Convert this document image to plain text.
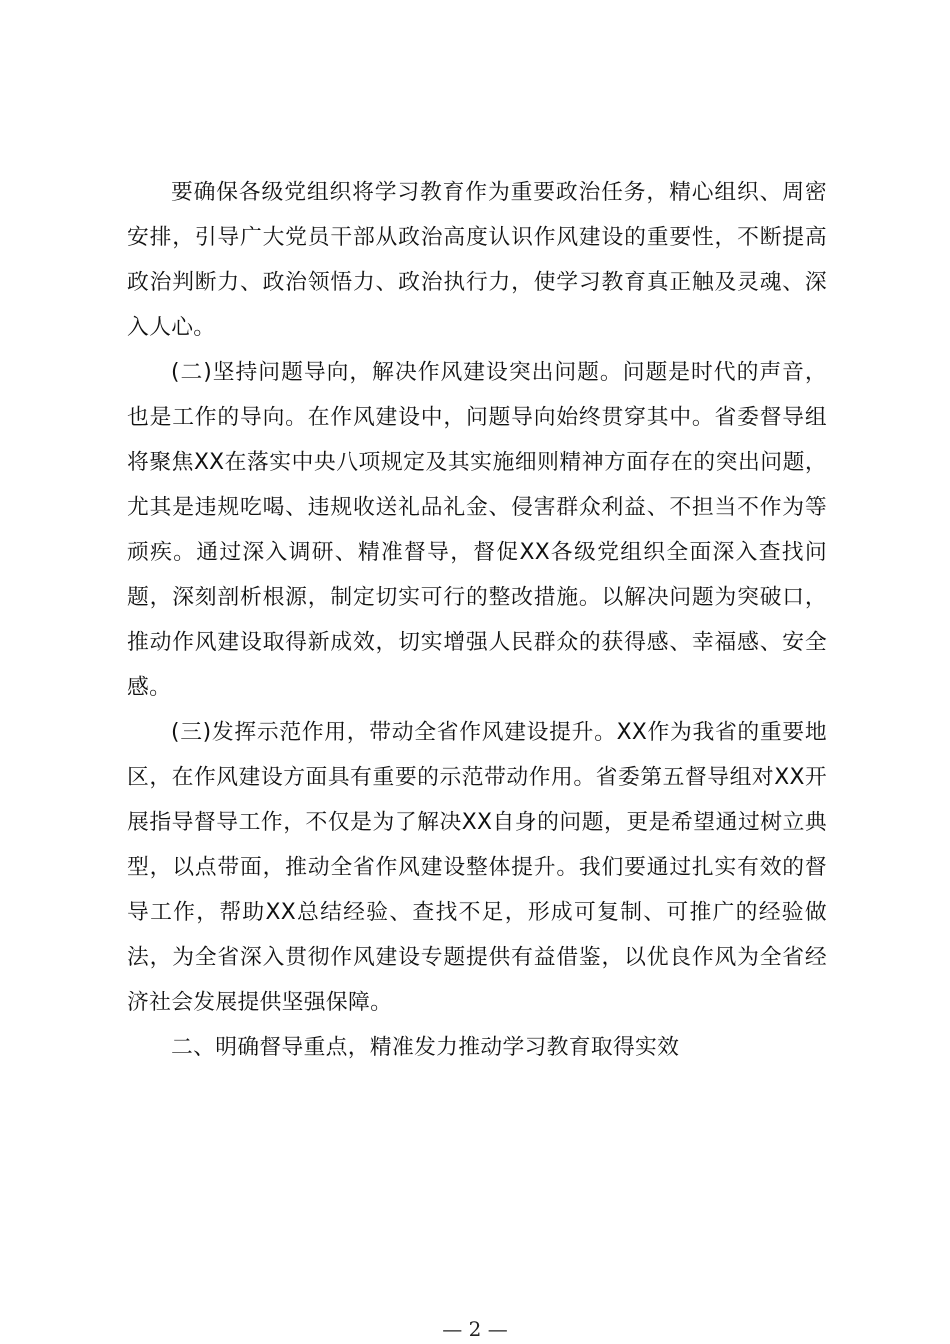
要确保各级党组织将学习教育作为重要政治任务，精心组织、周密安排，引导广大党员干部从政治高度认识作风建设的重要性，不断提高政治判断力、政治领悟力、政治执行力，使学习教育真正触及灵魂、深入人心。

(二)坚持问题导向，解决作风建设突出问题。问题是时代的声音，也是工作的导向。在作风建设中，问题导向始终贯穿其中。省委督导组将聚焦XX在落实中央八项规定及其实施细则精神方面存在的突出问题，尤其是违规吃喝、违规收送礼品礼金、侵害群众利益、不担当不作为等顽疾。通过深入调研、精准督导，督促XX各级党组织全面深入查找问题，深刻剖析根源，制定切实可行的整改措施。以解决问题为突破口，推动作风建设取得新成效，切实增强人民群众的获得感、幸福感、安全感。

(三)发挥示范作用，带动全省作风建设提升。XX作为我省的重要地区，在作风建设方面具有重要的示范带动作用。省委第五督导组对XX开展指导督导工作，不仅是为了解决XX自身的问题，更是希望通过树立典型，以点带面，推动全省作风建设整体提升。我们要通过扎实有效的督导工作，帮助XX总结经验、查找不足，形成可复制、可推广的经验做法，为全省深入贯彻作风建设专题提供有益借鉴，以优良作风为全省经济社会发展提供坚强保障。

二、明确督导重点，精准发力推动学习教育取得实效

— 2 —
